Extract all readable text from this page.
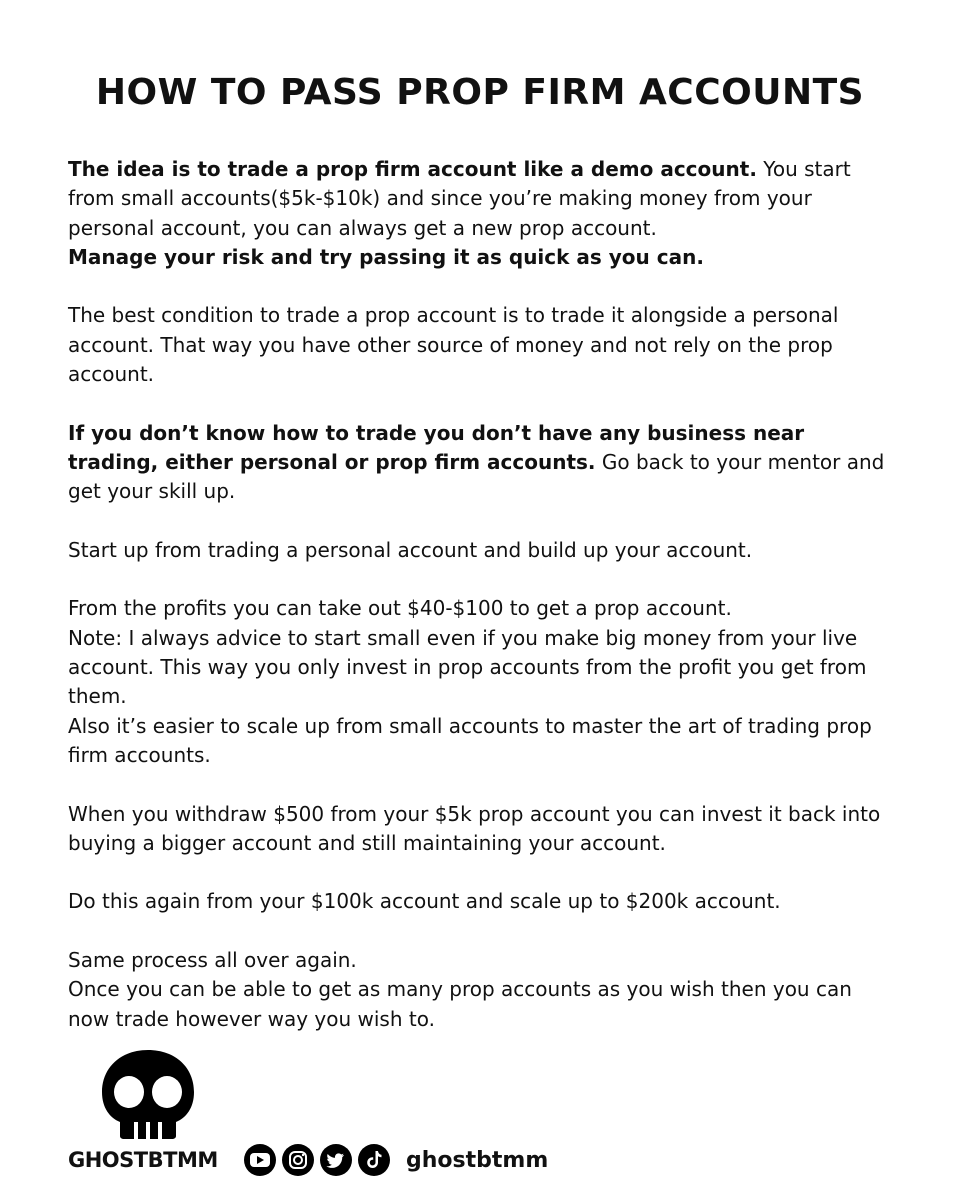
HOW TO PASS PROP FIRM ACCOUNTS

The idea is to trade a prop firm account like a demo account. You start from small accounts($5k-$10k) and since you’re making money from your personal account, you can always get a new prop account.
Manage your risk and try passing it as quick as you can.

The best condition to trade a prop account is to trade it alongside a personal account. That way you have other source of money and not rely on the prop account.

If you don’t know how to trade you don’t have any business near trading, either personal or prop firm accounts. Go back to your mentor and get your skill up.

Start up from trading a personal account and build up your account.

From the profits you can take out $40-$100 to get a prop account.
Note: I always advice to start small even if you make big money from your live account. This way you only invest in prop accounts from the profit you get from them.
Also it’s easier to scale up from small accounts to master the art of trading prop firm accounts.

When you withdraw $500 from your $5k prop account you can invest it back into buying a bigger account and still maintaining your account.

Do this again from your $100k account and scale up to $200k account.

Same process all over again.
Once you can be able to get as many prop accounts as you wish then you can now trade however way you wish to.

GHOSTBTMM	ghostbtmm
